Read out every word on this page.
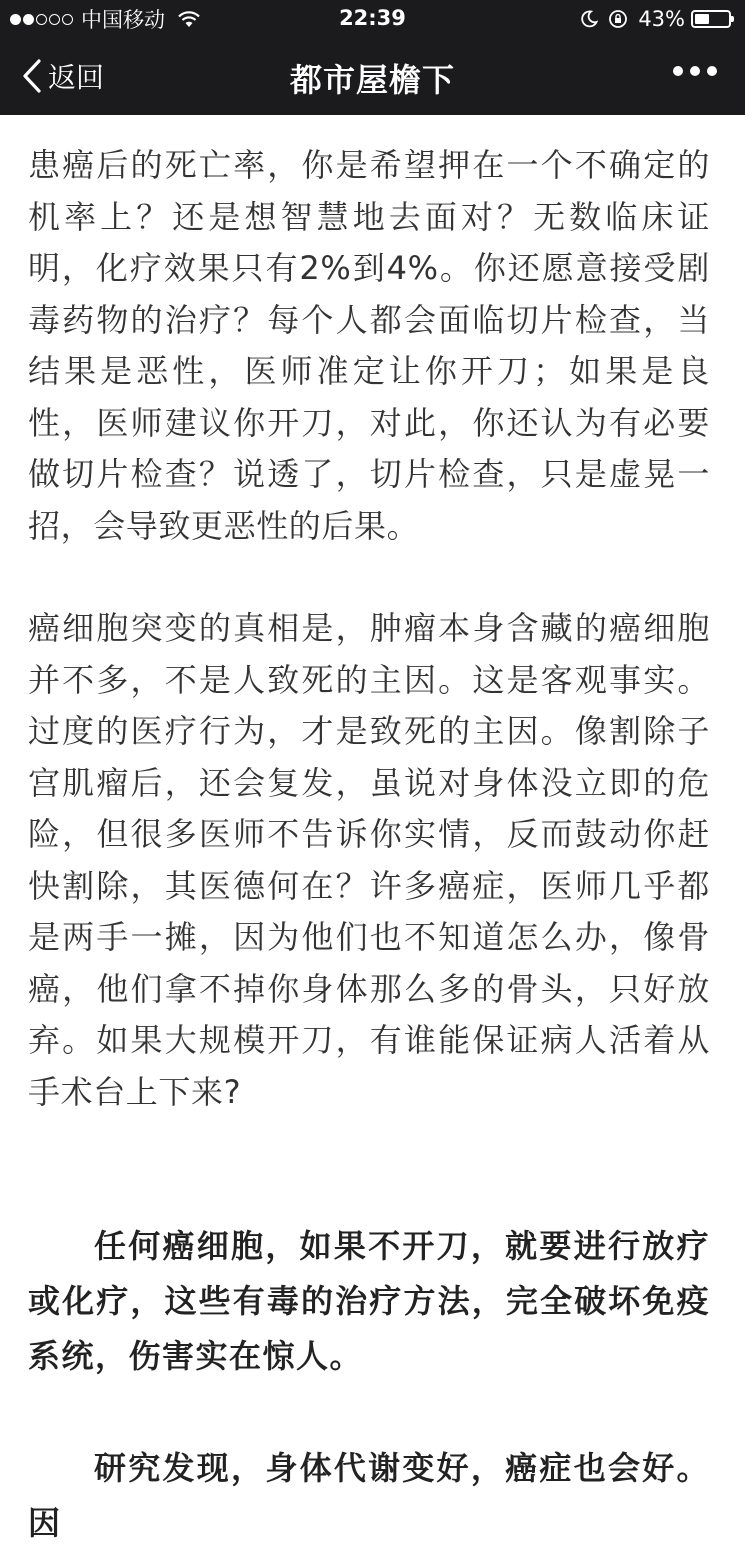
中国移动	22:39	43%
返回	都市屋檐下

患癌后的死亡率，你是希望押在一个不确定的机率上？还是想智慧地去面对？无数临床证明，化疗效果只有2%到4%。你还愿意接受剧毒药物的治疗？每个人都会面临切片检查，当结果是恶性，医师准定让你开刀；如果是良性，医师建议你开刀，对此，你还认为有必要做切片检查？说透了，切片检查，只是虚晃一招，会导致更恶性的后果。

癌细胞突变的真相是，肿瘤本身含藏的癌细胞并不多，不是人致死的主因。这是客观事实。过度的医疗行为，才是致死的主因。像割除子宫肌瘤后，还会复发，虽说对身体没立即的危险，但很多医师不告诉你实情，反而鼓动你赶快割除，其医德何在？许多癌症，医师几乎都是两手一摊，因为他们也不知道怎么办，像骨癌，他们拿不掉你身体那么多的骨头，只好放弃。如果大规模开刀，有谁能保证病人活着从手术台上下来?

任何癌细胞，如果不开刀，就要进行放疗或化疗，这些有毒的治疗方法，完全破坏免疫系统，伤害实在惊人。

研究发现，身体代谢变好，癌症也会好。因
